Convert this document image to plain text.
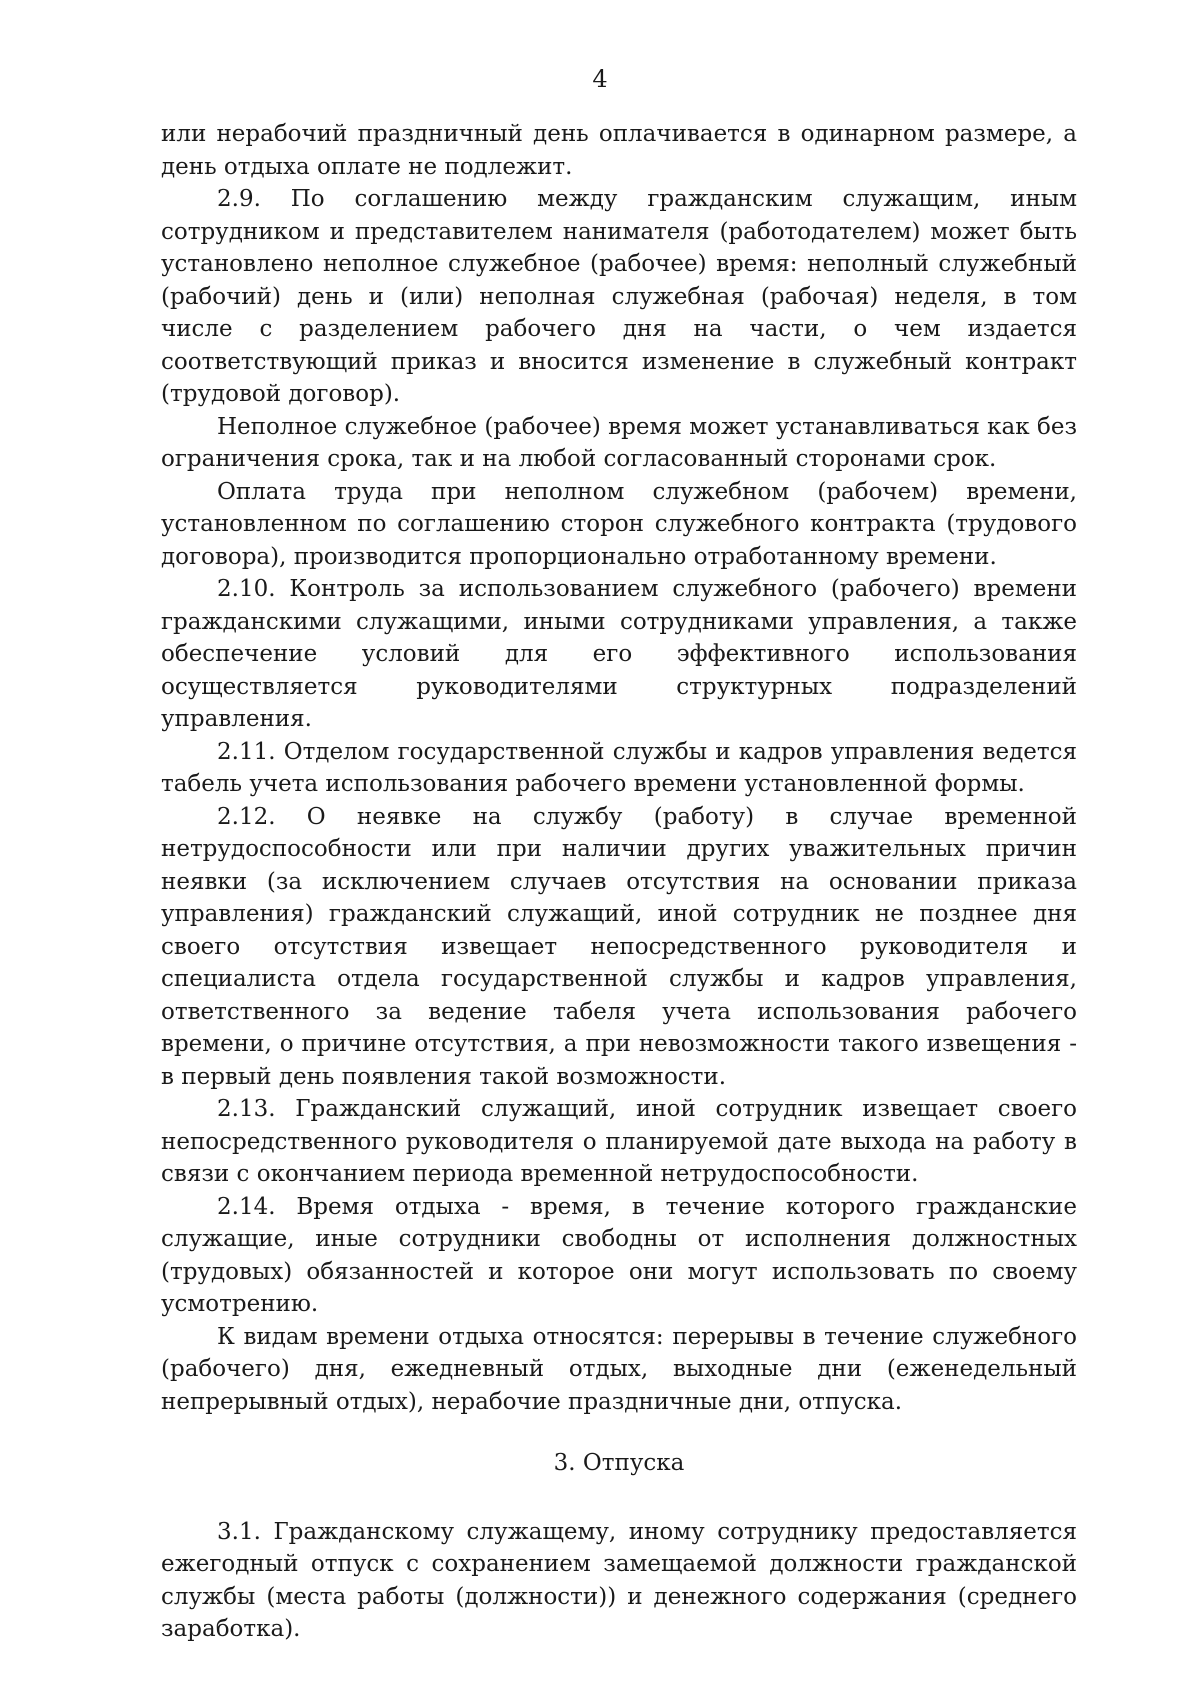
4

или нерабочий праздничный день оплачивается в одинарном размере, а день отдыха оплате не подлежит.

2.9. По соглашению между гражданским служащим, иным сотрудником и представителем нанимателя (работодателем) может быть установлено неполное служебное (рабочее) время: неполный служебный (рабочий) день и (или) неполная служебная (рабочая) неделя, в том числе с разделением рабочего дня на части, о чем издается соответствующий приказ и вносится изменение в служебный контракт (трудовой договор).

Неполное служебное (рабочее) время может устанавливаться как без ограничения срока, так и на любой согласованный сторонами срок.

Оплата труда при неполном служебном (рабочем) времени, установленном по соглашению сторон служебного контракта (трудового договора), производится пропорционально отработанному времени.

2.10. Контроль за использованием служебного (рабочего) времени гражданскими служащими, иными сотрудниками управления, а также обеспечение условий для его эффективного использования осуществляется руководителями структурных подразделений управления.

2.11. Отделом государственной службы и кадров управления ведется табель учета использования рабочего времени установленной формы.

2.12. О неявке на службу (работу) в случае временной нетрудоспособности или при наличии других уважительных причин неявки (за исключением случаев отсутствия на основании приказа управления) гражданский служащий, иной сотрудник не позднее дня своего отсутствия извещает непосредственного руководителя и специалиста отдела государственной службы и кадров управления, ответственного за ведение табеля учета использования рабочего времени, о причине отсутствия, а при невозможности такого извещения - в первый день появления такой возможности.

2.13. Гражданский служащий, иной сотрудник извещает своего непосредственного руководителя о планируемой дате выхода на работу в связи с окончанием периода временной нетрудоспособности.

2.14. Время отдыха - время, в течение которого гражданские служащие, иные сотрудники свободны от исполнения должностных (трудовых) обязанностей и которое они могут использовать по своему усмотрению.

К видам времени отдыха относятся: перерывы в течение служебного (рабочего) дня, ежедневный отдых, выходные дни (еженедельный непрерывный отдых), нерабочие праздничные дни, отпуска.

3. Отпуска

3.1. Гражданскому служащему, иному сотруднику предоставляется ежегодный отпуск с сохранением замещаемой должности гражданской службы (места работы (должности)) и денежного содержания (среднего заработка).
